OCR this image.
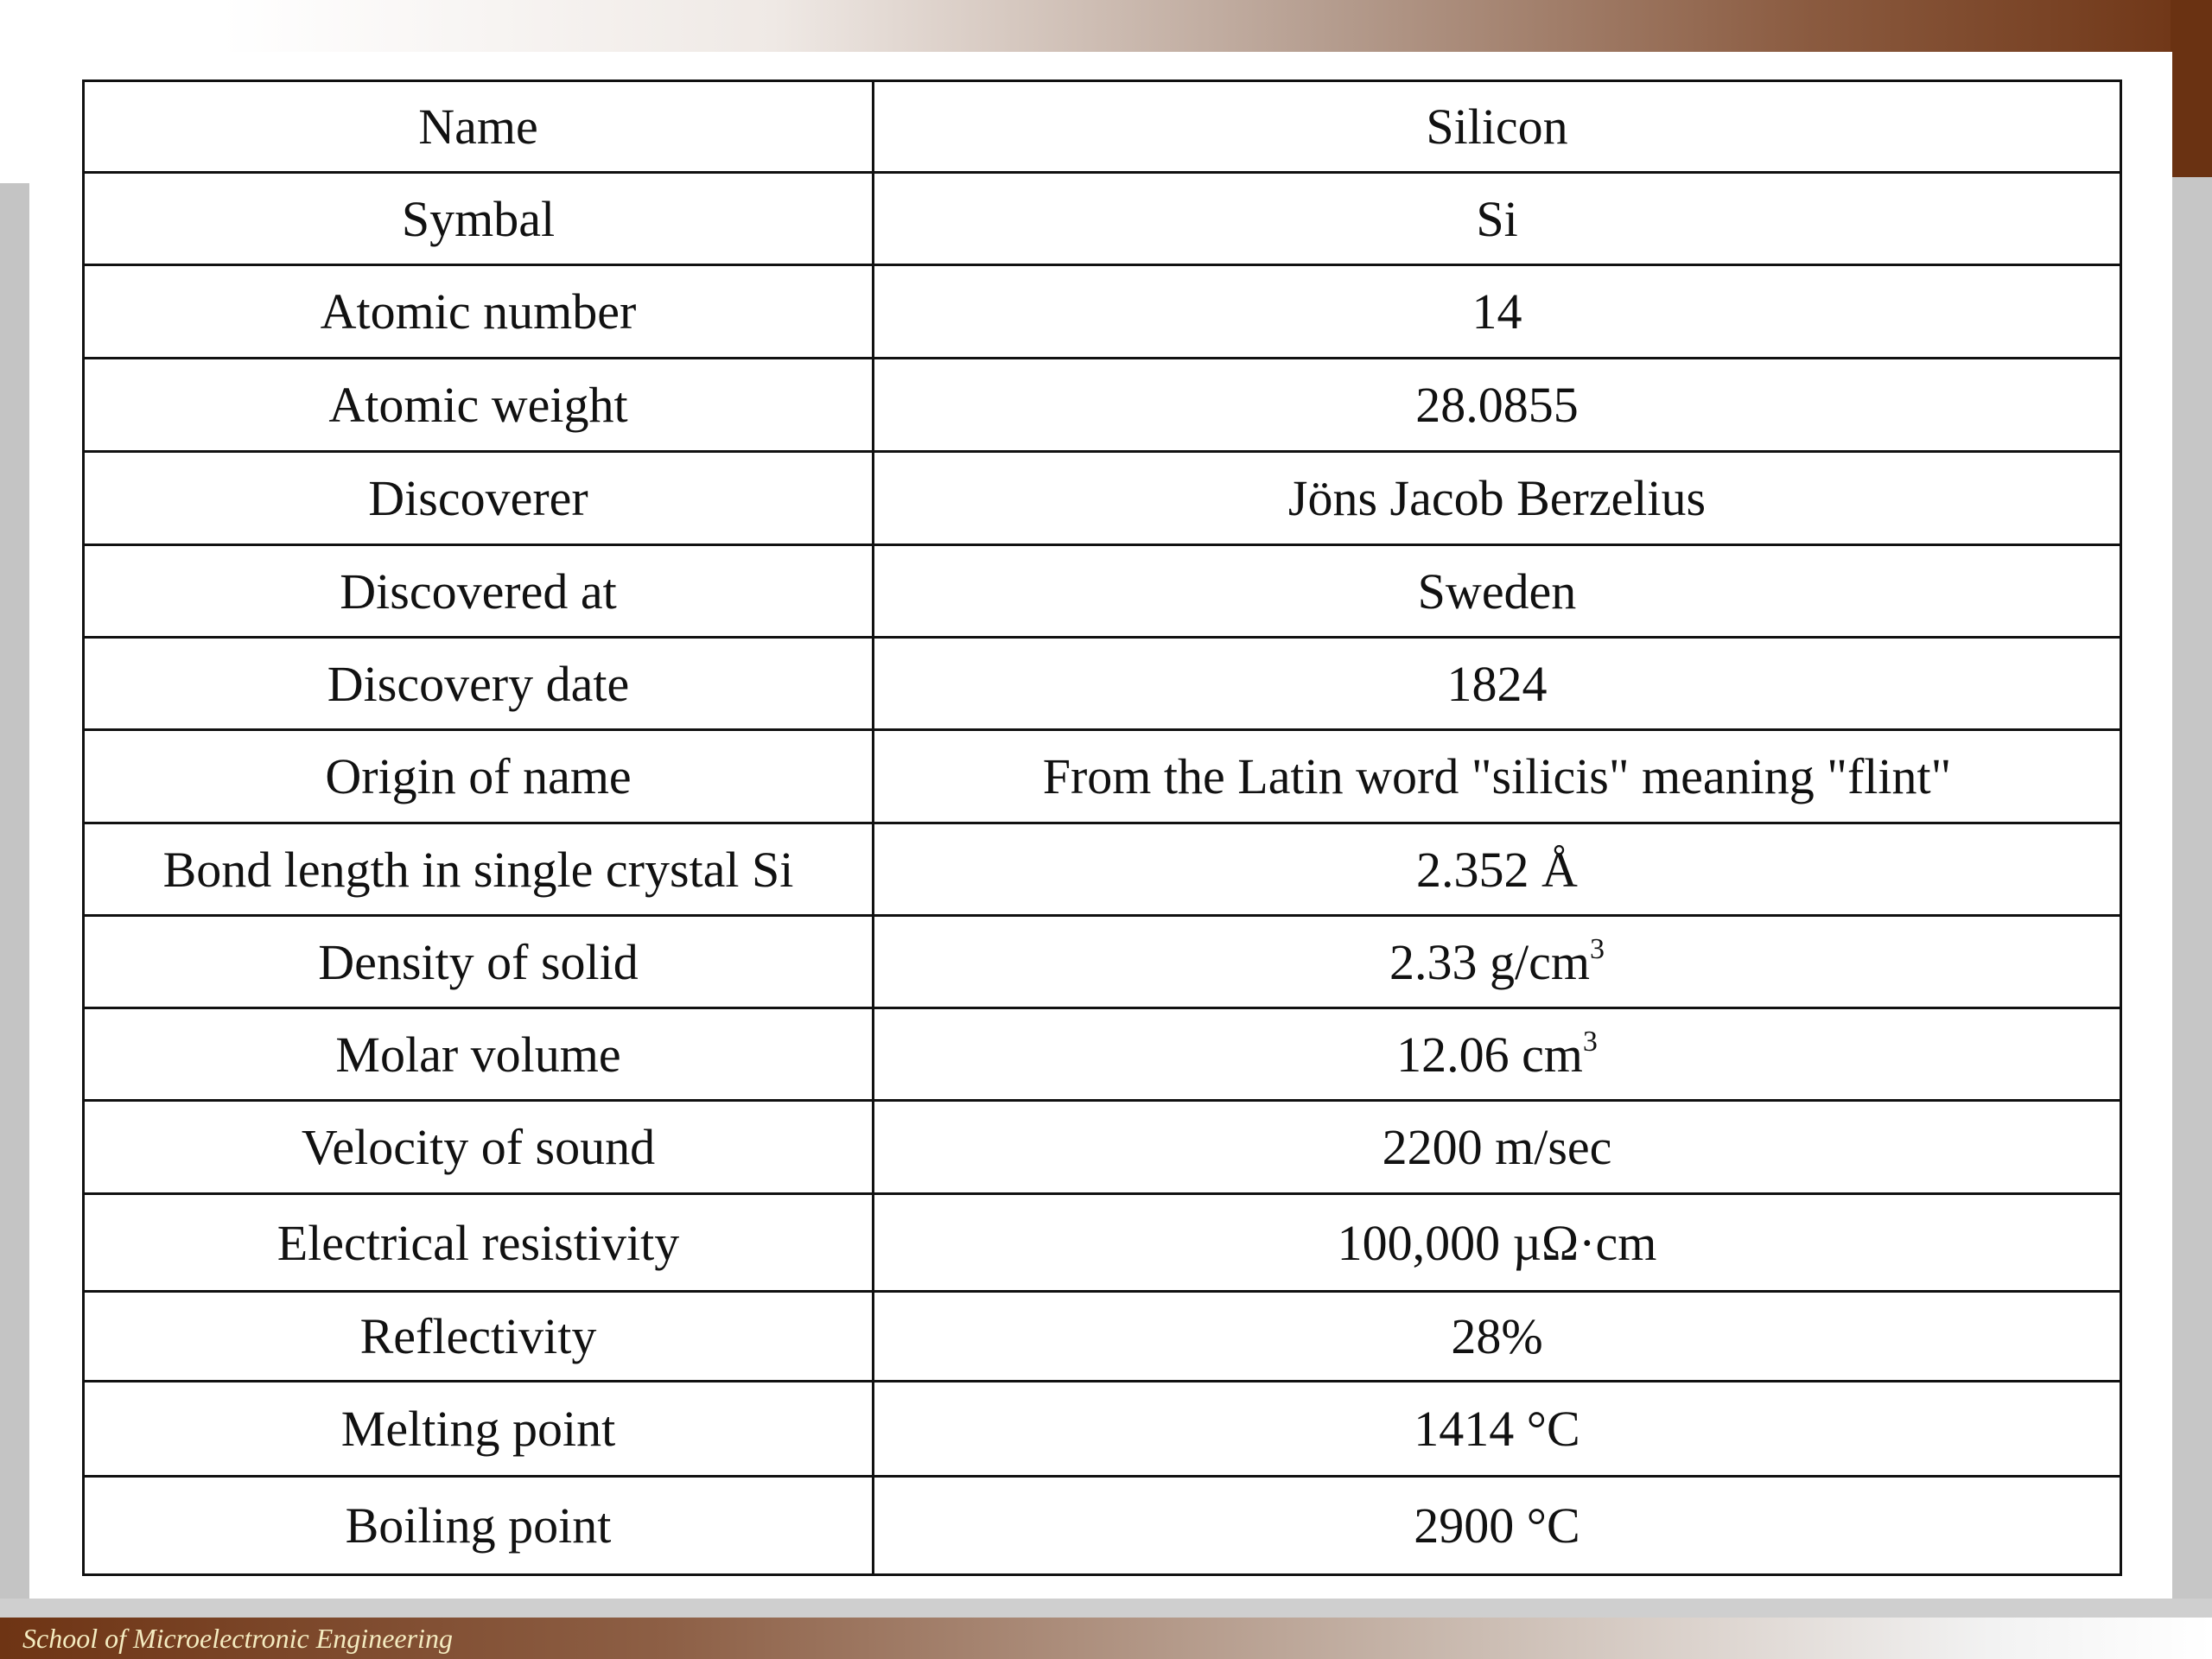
Name	Silicon
Symbal	Si
Atomic number	14
Atomic weight	28.0855
Discoverer	Jöns Jacob Berzelius
Discovered at	Sweden
Discovery date	1824
Origin of name	From the Latin word "silicis" meaning "flint"
Bond length in single crystal Si	2.352 Å
Density of solid	2.33 $g/cm^3$
Molar volume	12.06 $cm^3$
Velocity of sound	2200 m/sec
Electrical resistivity	100,000 µΩ·cm
Reflectivity	28%
Melting point	1414 °C
Boiling point	2900 °C
School of Microelectronic Engineering
